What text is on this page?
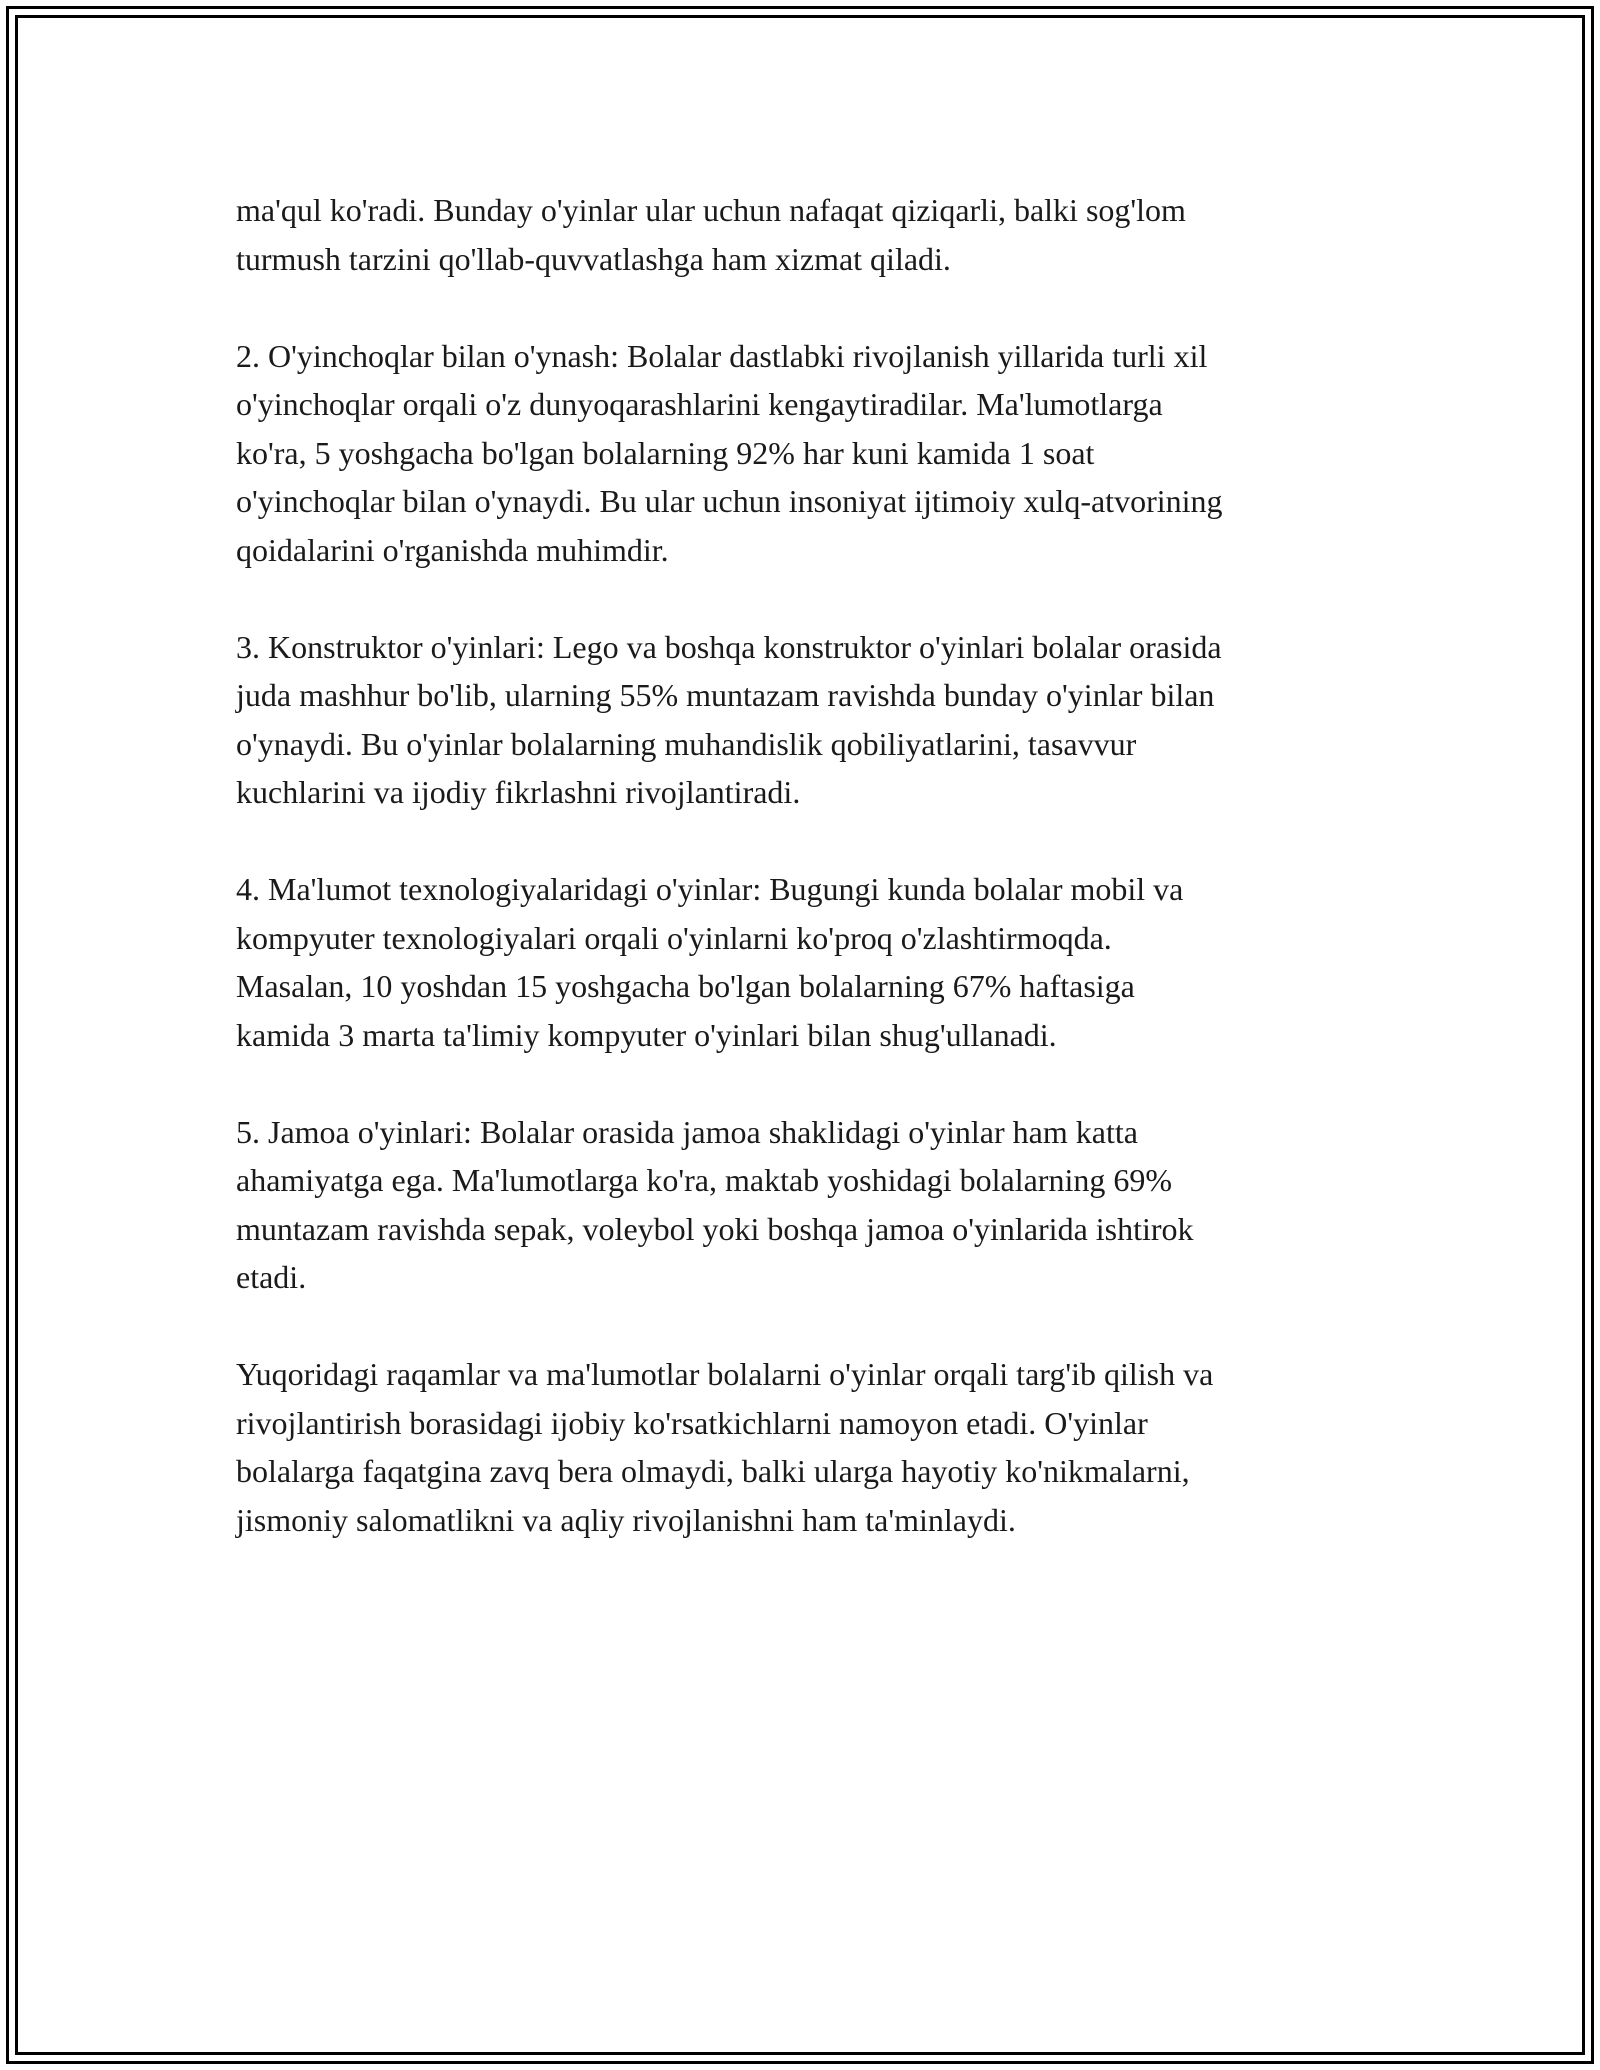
ma'qul ko'radi. Bunday o'yinlar ular uchun nafaqat qiziqarli, balki sog'lom
turmush tarzini qo'llab-quvvatlashga ham xizmat qiladi.

2. O'yinchoqlar bilan o'ynash: Bolalar dastlabki rivojlanish yillarida turli xil
o'yinchoqlar orqali o'z dunyoqarashlarini kengaytiradilar. Ma'lumotlarga
ko'ra, 5 yoshgacha bo'lgan bolalarning 92% har kuni kamida 1 soat
o'yinchoqlar bilan o'ynaydi. Bu ular uchun insoniyat ijtimoiy xulq-atvorining
qoidalarini o'rganishda muhimdir.

3. Konstruktor o'yinlari: Lego va boshqa konstruktor o'yinlari bolalar orasida
juda mashhur bo'lib, ularning 55% muntazam ravishda bunday o'yinlar bilan
o'ynaydi. Bu o'yinlar bolalarning muhandislik qobiliyatlarini, tasavvur
kuchlarini va ijodiy fikrlashni rivojlantiradi.

4. Ma'lumot texnologiyalaridagi o'yinlar: Bugungi kunda bolalar mobil va
kompyuter texnologiyalari orqali o'yinlarni ko'proq o'zlashtirmoqda.
Masalan, 10 yoshdan 15 yoshgacha bo'lgan bolalarning 67% haftasiga
kamida 3 marta ta'limiy kompyuter o'yinlari bilan shug'ullanadi.

5. Jamoa o'yinlari: Bolalar orasida jamoa shaklidagi o'yinlar ham katta
ahamiyatga ega. Ma'lumotlarga ko'ra, maktab yoshidagi bolalarning 69%
muntazam ravishda sepak, voleybol yoki boshqa jamoa o'yinlarida ishtirok
etadi.

Yuqoridagi raqamlar va ma'lumotlar bolalarni o'yinlar orqali targ'ib qilish va
rivojlantirish borasidagi ijobiy ko'rsatkichlarni namoyon etadi. O'yinlar
bolalarga faqatgina zavq bera olmaydi, balki ularga hayotiy ko'nikmalarni,
jismoniy salomatlikni va aqliy rivojlanishni ham ta'minlaydi.
